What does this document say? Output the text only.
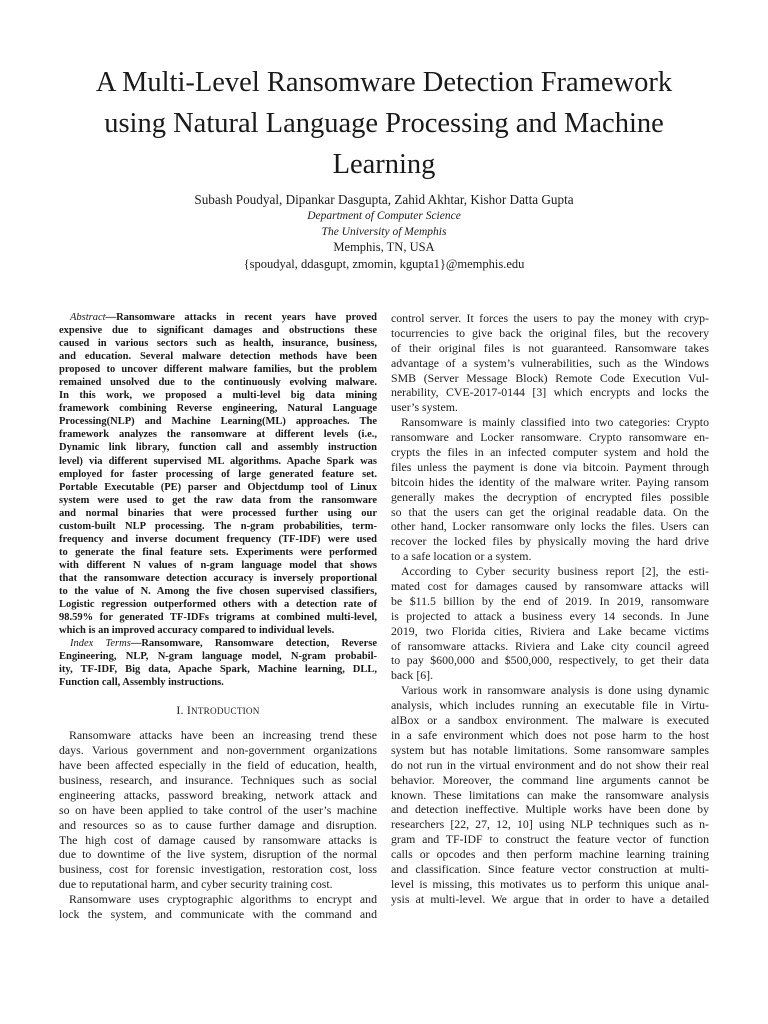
A Multi-Level Ransomware Detection Framework
using Natural Language Processing and Machine
Learning
Subash Poudyal, Dipankar Dasgupta, Zahid Akhtar, Kishor Datta Gupta
Department of Computer Science
The University of Memphis
Memphis, TN, USA
{spoudyal, ddasgupt, zmomin, kgupta1}@memphis.edu
Abstract—Ransomware attacks in recent years have proved
expensive due to significant damages and obstructions these
caused in various sectors such as health, insurance, business,
and education. Several malware detection methods have been
proposed to uncover different malware families, but the problem
remained unsolved due to the continuously evolving malware.
In this work, we proposed a multi-level big data mining
framework combining Reverse engineering, Natural Language
Processing(NLP) and Machine Learning(ML) approaches. The
framework analyzes the ransomware at different levels (i.e.,
Dynamic link library, function call and assembly instruction
level) via different supervised ML algorithms. Apache Spark was
employed for faster processing of large generated feature set.
Portable Executable (PE) parser and Objectdump tool of Linux
system were used to get the raw data from the ransomware
and normal binaries that were processed further using our
custom-built NLP processing. The n-gram probabilities, term-
frequency and inverse document frequency (TF-IDF) were used
to generate the final feature sets. Experiments were performed
with different N values of n-gram language model that shows
that the ransomware detection accuracy is inversely proportional
to the value of N. Among the five chosen supervised classifiers,
Logistic regression outperformed others with a detection rate of
98.59% for generated TF-IDFs trigrams at combined multi-level,
which is an improved accuracy compared to individual levels.
Index Terms—Ransomware, Ransomware detection, Reverse
Engineering, NLP, N-gram language model, N-gram probabil-
ity, TF-IDF, Big data, Apache Spark, Machine learning, DLL,
Function call, Assembly instructions.
I. INTRODUCTION
Ransomware attacks have been an increasing trend these
days. Various government and non-government organizations
have been affected especially in the field of education, health,
business, research, and insurance. Techniques such as social
engineering attacks, password breaking, network attack and
so on have been applied to take control of the user’s machine
and resources so as to cause further damage and disruption.
The high cost of damage caused by ransomware attacks is
due to downtime of the live system, disruption of the normal
business, cost for forensic investigation, restoration cost, loss
due to reputational harm, and cyber security training cost.
Ransomware uses cryptographic algorithms to encrypt and
lock the system, and communicate with the command and
control server. It forces the users to pay the money with cryp-
tocurrencies to give back the original files, but the recovery
of their original files is not guaranteed. Ransomware takes
advantage of a system’s vulnerabilities, such as the Windows
SMB (Server Message Block) Remote Code Execution Vul-
nerability, CVE-2017-0144 [3] which encrypts and locks the
user’s system.
Ransomware is mainly classified into two categories: Crypto
ransomware and Locker ransomware. Crypto ransomware en-
crypts the files in an infected computer system and hold the
files unless the payment is done via bitcoin. Payment through
bitcoin hides the identity of the malware writer. Paying ransom
generally makes the decryption of encrypted files possible
so that the users can get the original readable data. On the
other hand, Locker ransomware only locks the files. Users can
recover the locked files by physically moving the hard drive
to a safe location or a system.
According to Cyber security business report [2], the esti-
mated cost for damages caused by ransomware attacks will
be $11.5 billion by the end of 2019. In 2019, ransomware
is projected to attack a business every 14 seconds. In June
2019, two Florida cities, Riviera and Lake became victims
of ransomware attacks. Riviera and Lake city council agreed
to pay $600,000 and $500,000, respectively, to get their data
back [6].
Various work in ransomware analysis is done using dynamic
analysis, which includes running an executable file in Virtu-
alBox or a sandbox environment. The malware is executed
in a safe environment which does not pose harm to the host
system but has notable limitations. Some ransomware samples
do not run in the virtual environment and do not show their real
behavior. Moreover, the command line arguments cannot be
known. These limitations can make the ransomware analysis
and detection ineffective. Multiple works have been done by
researchers [22, 27, 12, 10] using NLP techniques such as n-
gram and TF-IDF to construct the feature vector of function
calls or opcodes and then perform machine learning training
and classification. Since feature vector construction at multi-
level is missing, this motivates us to perform this unique anal-
ysis at multi-level. We argue that in order to have a detailed
